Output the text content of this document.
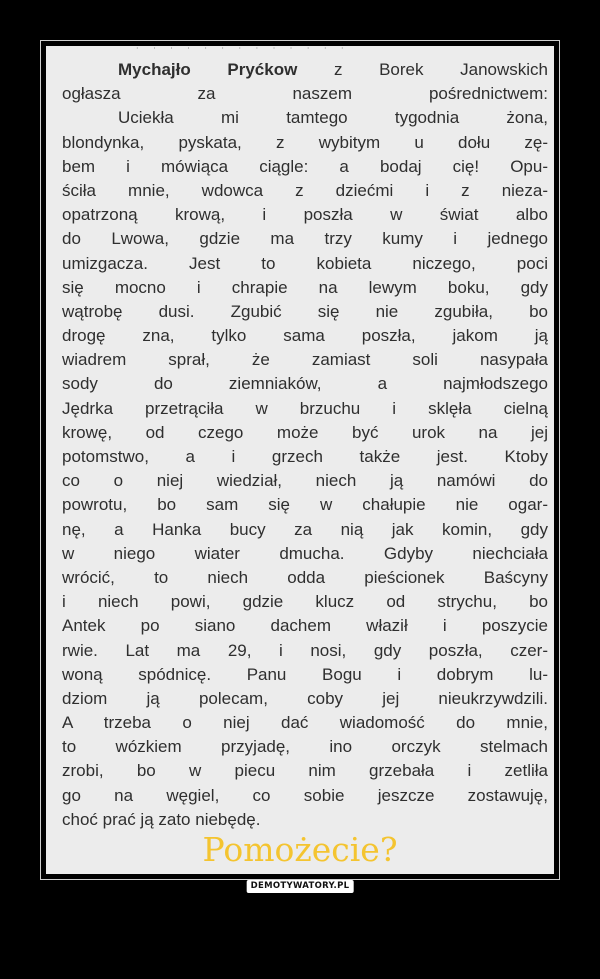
· · · · · · · · · · · · ·
Mychajło Pryćkow z Borek Janowskich
ogłasza za naszem pośrednictwem:
Uciekła mi tamtego tygodnia żona,
blondynka, pyskata, z wybitym u dołu zę-
bem i mówiąca ciągle: a bodaj cię! Opu-
ściła mnie, wdowca z dziećmi i z nieza-
opatrzoną krową, i poszła w świat albo
do Lwowa, gdzie ma trzy kumy i jednego
umizgacza. Jest to kobieta niczego, poci
się mocno i chrapie na lewym boku, gdy
wątrobę dusi. Zgubić się nie zgubiła, bo
drogę zna, tylko sama poszła, jakom ją
wiadrem sprał, że zamiast soli nasypała
sody do ziemniaków, a najmłodszego
Jędrka przetrąciła w brzuchu i sklęła cielną
krowę, od czego może być urok na jej
potomstwo, a i grzech także jest. Ktoby
co o niej wiedział, niech ją namówi do
powrotu, bo sam się w chałupie nie ogar-
nę, a Hanka bucy za nią jak komin, gdy
w niego wiater dmucha. Gdyby niechciała
wrócić, to niech odda pieścionek Baścyny
i niech powi, gdzie klucz od strychu, bo
Antek po siano dachem właził i poszycie
rwie. Lat ma 29, i nosi, gdy poszła, czer-
woną spódnicę. Panu Bogu i dobrym lu-
dziom ją polecam, coby jej nieukrzywdzili.
A trzeba o niej dać wiadomość do mnie,
to wózkiem przyjadę, ino orczyk stelmach
zrobi, bo w piecu nim grzebała i zetliła
go na węgiel, co sobie jeszcze zostawuję,
choć prać ją zato niebędę.
DEMOTYWATORY.PL
Pomożecie?
